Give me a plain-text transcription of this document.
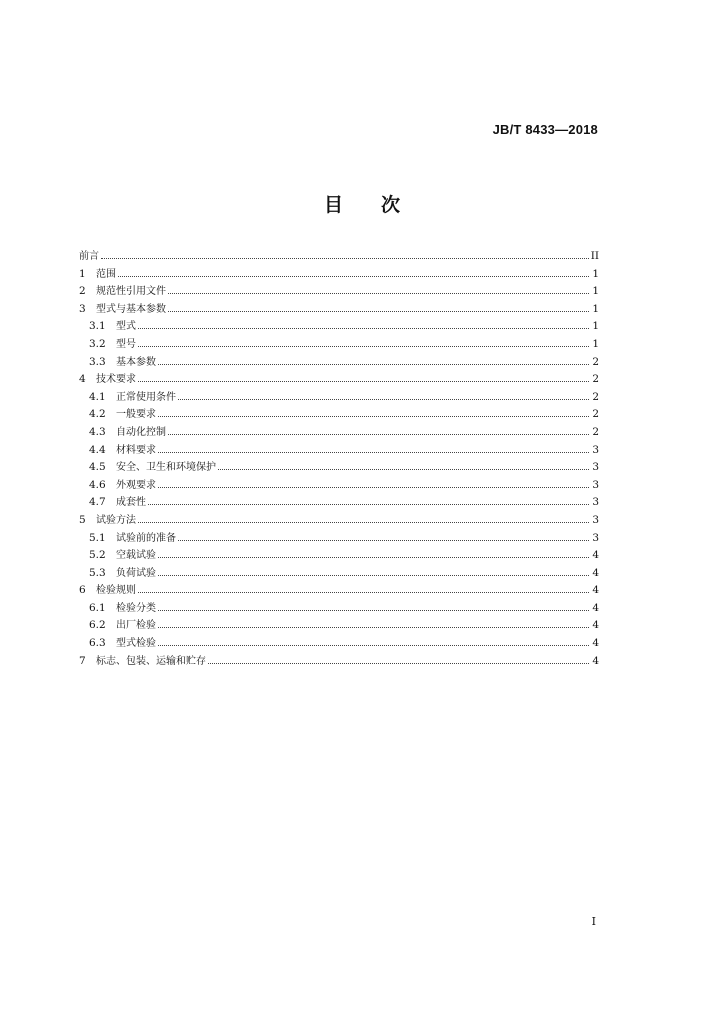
JB/T 8433—2018
目 次
前言	II
1	范围	1
2	规范性引用文件	1
3	型式与基本参数	1
3.1	型式	1
3.2	型号	1
3.3	基本参数	2
4	技术要求	2
4.1	正常使用条件	2
4.2	一般要求	2
4.3	自动化控制	2
4.4	材料要求	3
4.5	安全、卫生和环境保护	3
4.6	外观要求	3
4.7	成套性	3
5	试验方法	3
5.1	试验前的准备	3
5.2	空载试验	4
5.3	负荷试验	4
6	检验规则	4
6.1	检验分类	4
6.2	出厂检验	4
6.3	型式检验	4
7	标志、包装、运输和贮存	4
I
